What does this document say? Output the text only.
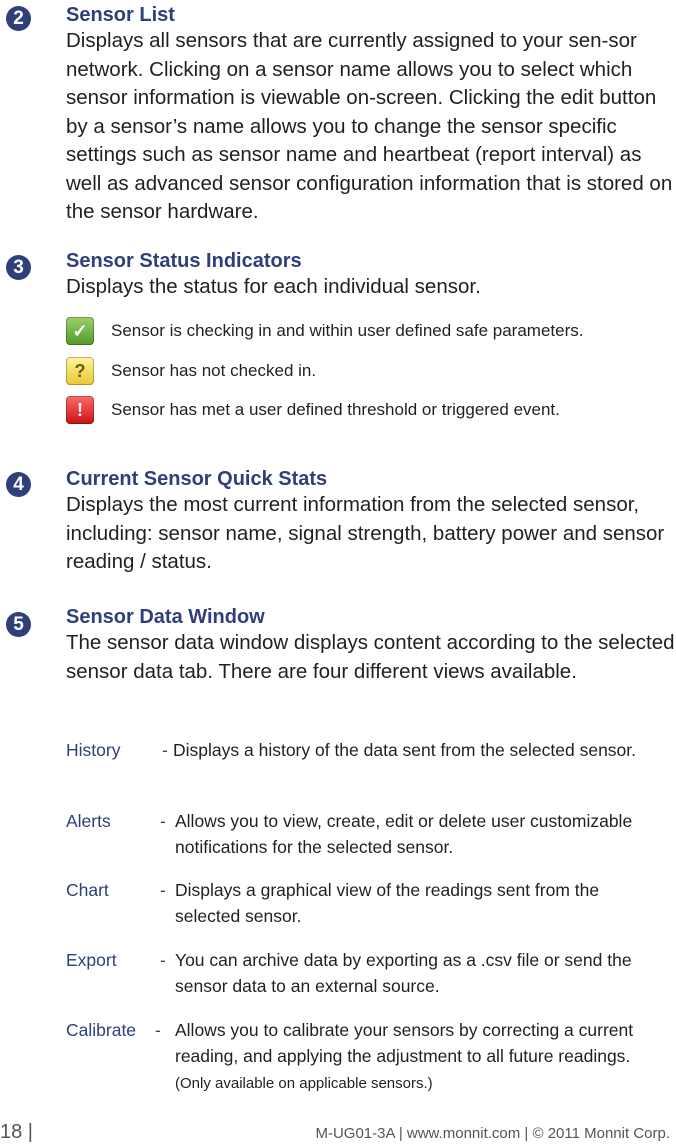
2	Sensor List
Displays all sensors that are currently assigned to your sen-sor network. Clicking on a sensor name allows you to select which sensor information is viewable on-screen. Clicking the edit button by a sensor’s name allows you to change the sensor specific settings such as sensor name and heartbeat (report interval) as well as advanced sensor configuration information that is stored on the sensor hardware.
3	Sensor Status Indicators
Displays the status for each individual sensor.
✓	Sensor is checking in and within user defined safe parameters.
?	Sensor has not checked in.
!	Sensor has met a user defined threshold or triggered event.
4	Current Sensor Quick Stats
Displays the most current information from the selected sensor, including: sensor name, signal strength, battery power and sensor reading / status.
5	Sensor Data Window
The sensor data window displays content according to the selected sensor data tab. There are four different views available.
History - Displays a history of the data sent from the selected sensor.
Alerts	- Allows you to view, create, edit or delete user customizable notifications for the selected sensor.
Chart	- Displays a graphical view of the readings sent from the selected sensor.
Export - You can archive data by exporting as a .csv file or send the sensor data to an external source.
Calibrate - Allows you to calibrate your sensors by correcting a current reading, and applying the adjustment to all future readings. (Only available on applicable sensors.)
18 |	M-UG01-3A | www.monnit.com | © 2011 Monnit Corp.
